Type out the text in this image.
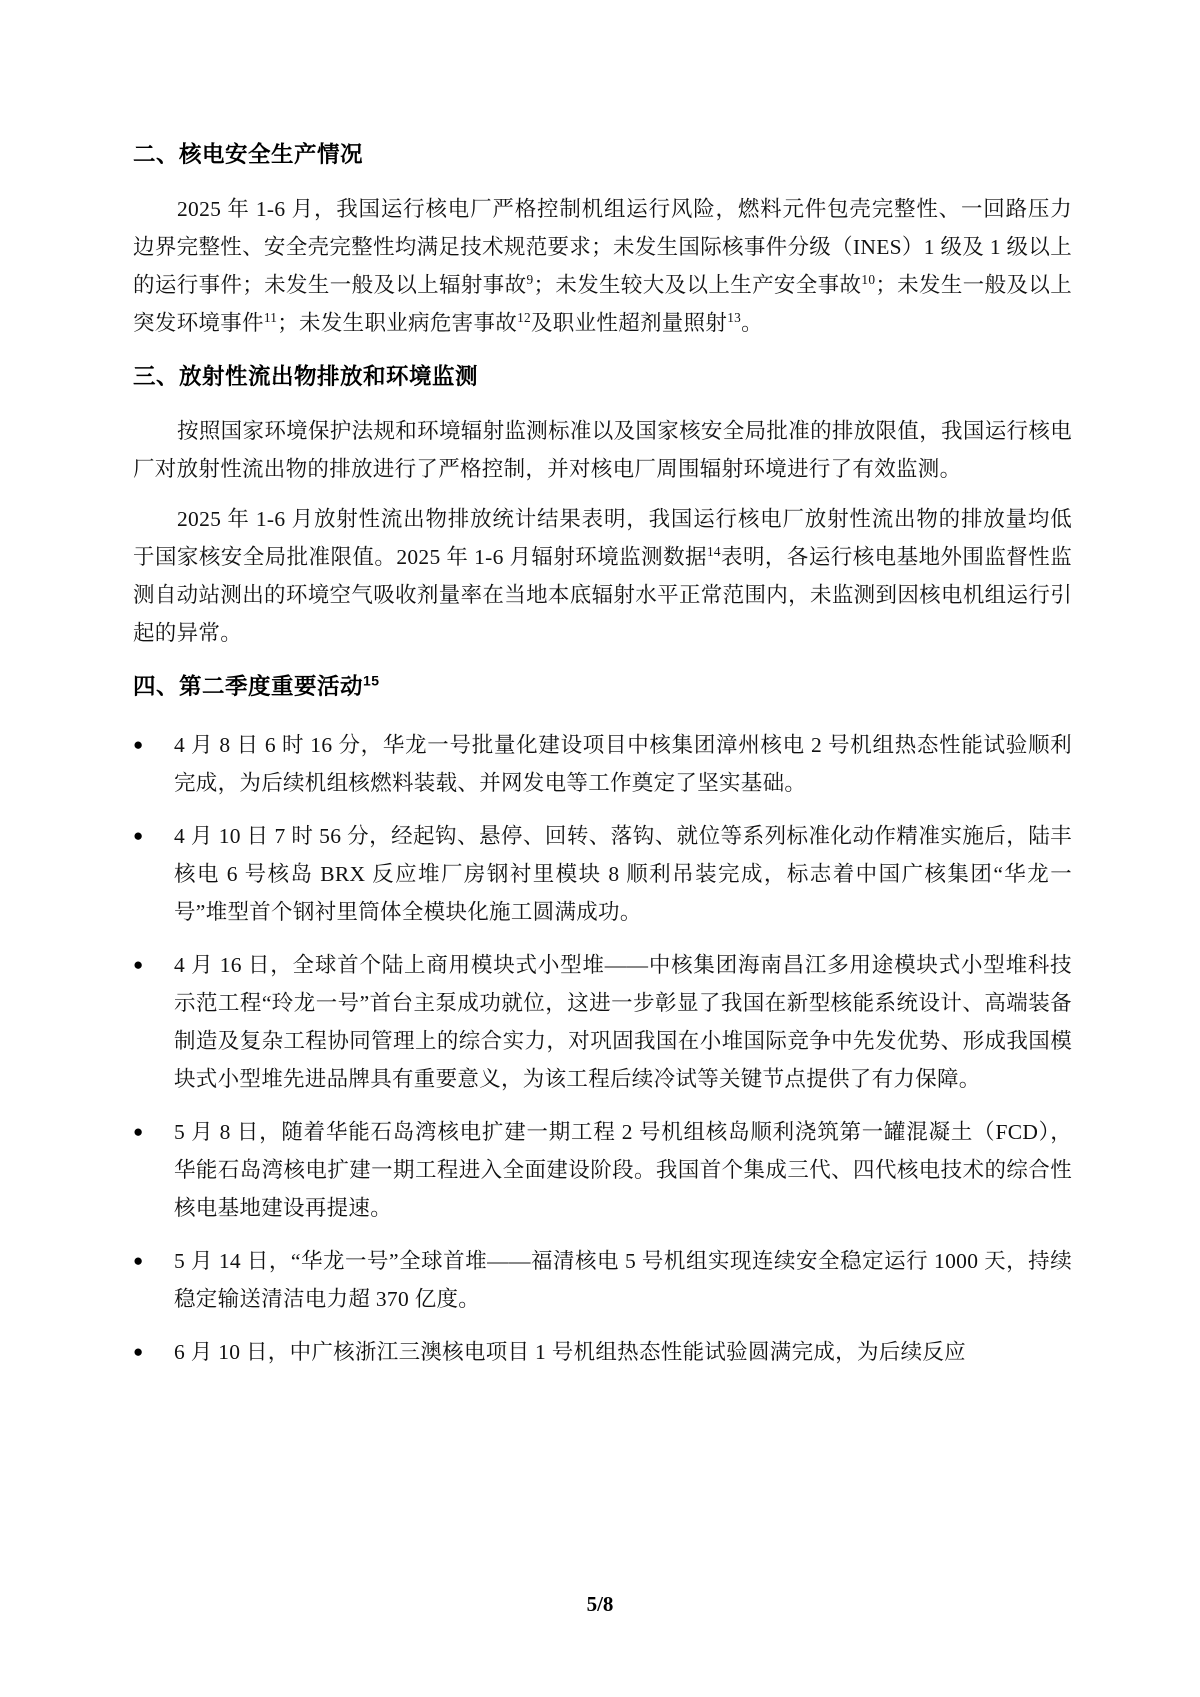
二、核电安全生产情况

2025 年 1-6 月，我国运行核电厂严格控制机组运行风险，燃料元件包壳完整性、一回路压力边界完整性、安全壳完整性均满足技术规范要求；未发生国际核事件分级（INES）1 级及 1 级以上的运行事件；未发生一般及以上辐射事故$^9$；未发生较大及以上生产安全事故$^{10}$；未发生一般及以上突发环境事件$^{11}$；未发生职业病危害事故$^{12}$及职业性超剂量照射$^{13}$。

三、放射性流出物排放和环境监测

按照国家环境保护法规和环境辐射监测标准以及国家核安全局批准的排放限值，我国运行核电厂对放射性流出物的排放进行了严格控制，并对核电厂周围辐射环境进行了有效监测。

2025 年 1-6 月放射性流出物排放统计结果表明，我国运行核电厂放射性流出物的排放量均低于国家核安全局批准限值。2025 年 1-6 月辐射环境监测数据$^{14}$表明，各运行核电基地外围监督性监测自动站测出的环境空气吸收剂量率在当地本底辐射水平正常范围内，未监测到因核电机组运行引起的异常。

四、第二季度重要活动$^{15}$
●	4 月 8 日 6 时 16 分，华龙一号批量化建设项目中核集团漳州核电 2 号机组热态性能试验顺利完成，为后续机组核燃料装载、并网发电等工作奠定了坚实基础。
●	4 月 10 日 7 时 56 分，经起钩、悬停、回转、落钩、就位等系列标准化动作精准实施后，陆丰核电 6 号核岛 BRX 反应堆厂房钢衬里模块 8 顺利吊装完成，标志着中国广核集团“华龙一号”堆型首个钢衬里筒体全模块化施工圆满成功。
●	4 月 16 日，全球首个陆上商用模块式小型堆——中核集团海南昌江多用途模块式小型堆科技示范工程“玲龙一号”首台主泵成功就位，这进一步彰显了我国在新型核能系统设计、高端装备制造及复杂工程协同管理上的综合实力，对巩固我国在小堆国际竞争中先发优势、形成我国模块式小型堆先进品牌具有重要意义，为该工程后续冷试等关键节点提供了有力保障。
●	5 月 8 日，随着华能石岛湾核电扩建一期工程 2 号机组核岛顺利浇筑第一罐混凝土（FCD），华能石岛湾核电扩建一期工程进入全面建设阶段。我国首个集成三代、四代核电技术的综合性核电基地建设再提速。
●	5 月 14 日，“华龙一号”全球首堆——福清核电 5 号机组实现连续安全稳定运行 1000 天，持续稳定输送清洁电力超 370 亿度。
●	6 月 10 日，中广核浙江三澳核电项目 1 号机组热态性能试验圆满完成，为后续反应
5/8
